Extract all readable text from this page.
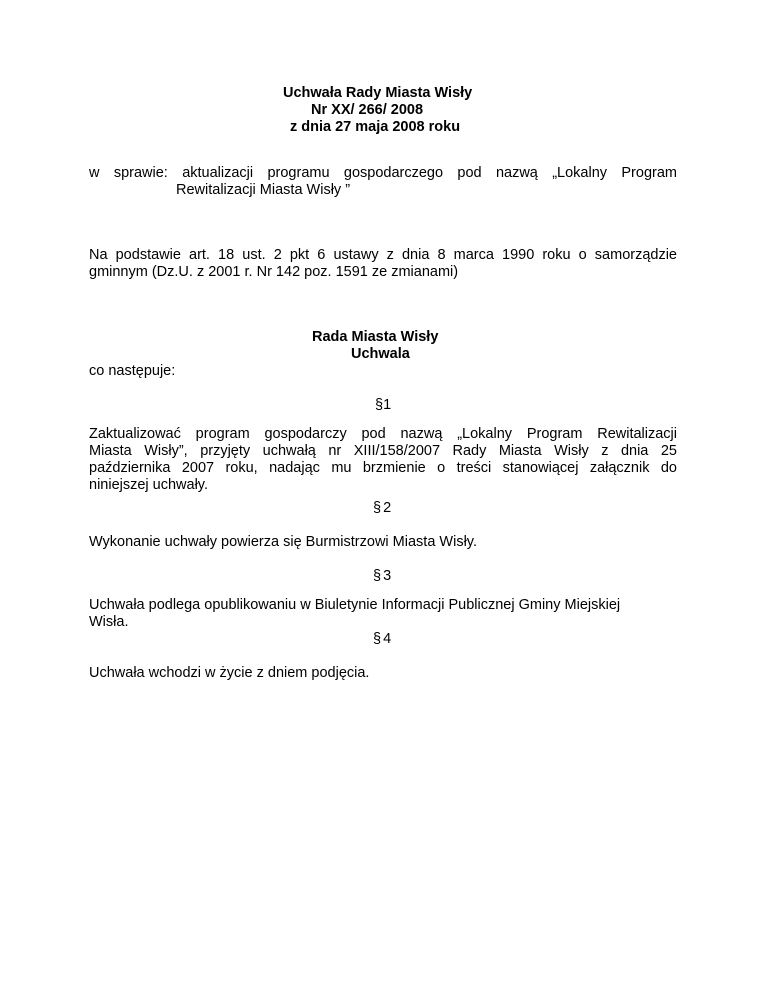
Uchwała Rady Miasta Wisły
Nr XX/ 266/ 2008
z dnia 27 maja 2008 roku
w sprawie: aktualizacji programu gospodarczego pod nazwą „Lokalny Program
Rewitalizacji Miasta Wisły ”
Na podstawie art. 18 ust. 2 pkt 6 ustawy z dnia 8 marca 1990 roku o samorządzie
gminnym (Dz.U. z 2001 r. Nr 142 poz. 1591 ze zmianami)
Rada Miasta Wisły
Uchwala
co następuje:
§1
Zaktualizować program gospodarczy pod nazwą „Lokalny Program Rewitalizacji
Miasta Wisły”, przyjęty uchwałą nr XIII/158/2007 Rady Miasta Wisły z dnia 25
października 2007 roku, nadając mu brzmienie o treści stanowiącej załącznik do
niniejszej uchwały.
§2
Wykonanie uchwały powierza się Burmistrzowi Miasta Wisły.
§3
Uchwała podlega opublikowaniu w Biuletynie Informacji Publicznej Gminy Miejskiej
Wisła.
§4
Uchwała wchodzi w życie z dniem podjęcia.
